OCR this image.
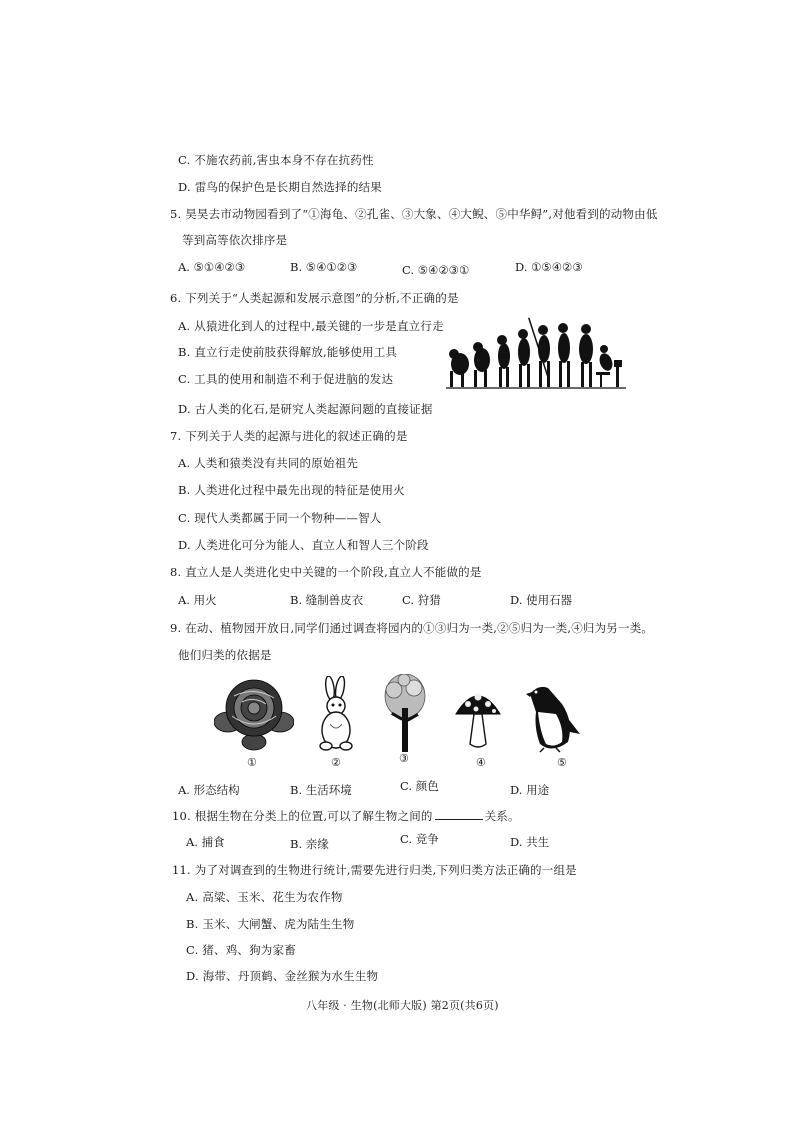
C. 不施农药前,害虫本身不存在抗药性
D. 雷鸟的保护色是长期自然选择的结果
5. 昊昊去市动物园看到了“①海龟、②孔雀、③大象、④大鲵、⑤中华鲟”,对他看到的动物由低
等到高等依次排序是
A. ⑤①④②③	B. ⑤④①②③	C. ⑤④②③①	D. ①⑤④②③
6. 下列关于“人类起源和发展示意图”的分析,不正确的是
A. 从猿进化到人的过程中,最关键的一步是直立行走
B. 直立行走使前肢获得解放,能够使用工具
C. 工具的使用和制造不利于促进脑的发达
D. 古人类的化石,是研究人类起源问题的直接证据
7. 下列关于人类的起源与进化的叙述正确的是
A. 人类和猿类没有共同的原始祖先
B. 人类进化过程中最先出现的特征是使用火
C. 现代人类都属于同一个物种——智人
D. 人类进化可分为能人、直立人和智人三个阶段
8. 直立人是人类进化史中关键的一个阶段,直立人不能做的是
A. 用火	B. 缝制兽皮衣	C. 狩猎	D. 使用石器
9. 在动、植物园开放日,同学们通过调查将园内的①③归为一类,②⑤归为一类,④归为另一类。
他们归类的依据是
①	②	③	④	⑤
A. 形态结构	B. 生活环境	C. 颜色	D. 用途
10. 根据生物在分类上的位置,可以了解生物之间的	关系。
A. 捕食	B. 亲缘	C. 竞争	D. 共生
11. 为了对调查到的生物进行统计,需要先进行归类,下列归类方法正确的一组是
A. 高粱、玉米、花生为农作物
B. 玉米、大闸蟹、虎为陆生生物
C. 猪、鸡、狗为家畜
D. 海带、丹顶鹤、金丝猴为水生生物
八年级 · 生物(北师大版) 第2页(共6页)
